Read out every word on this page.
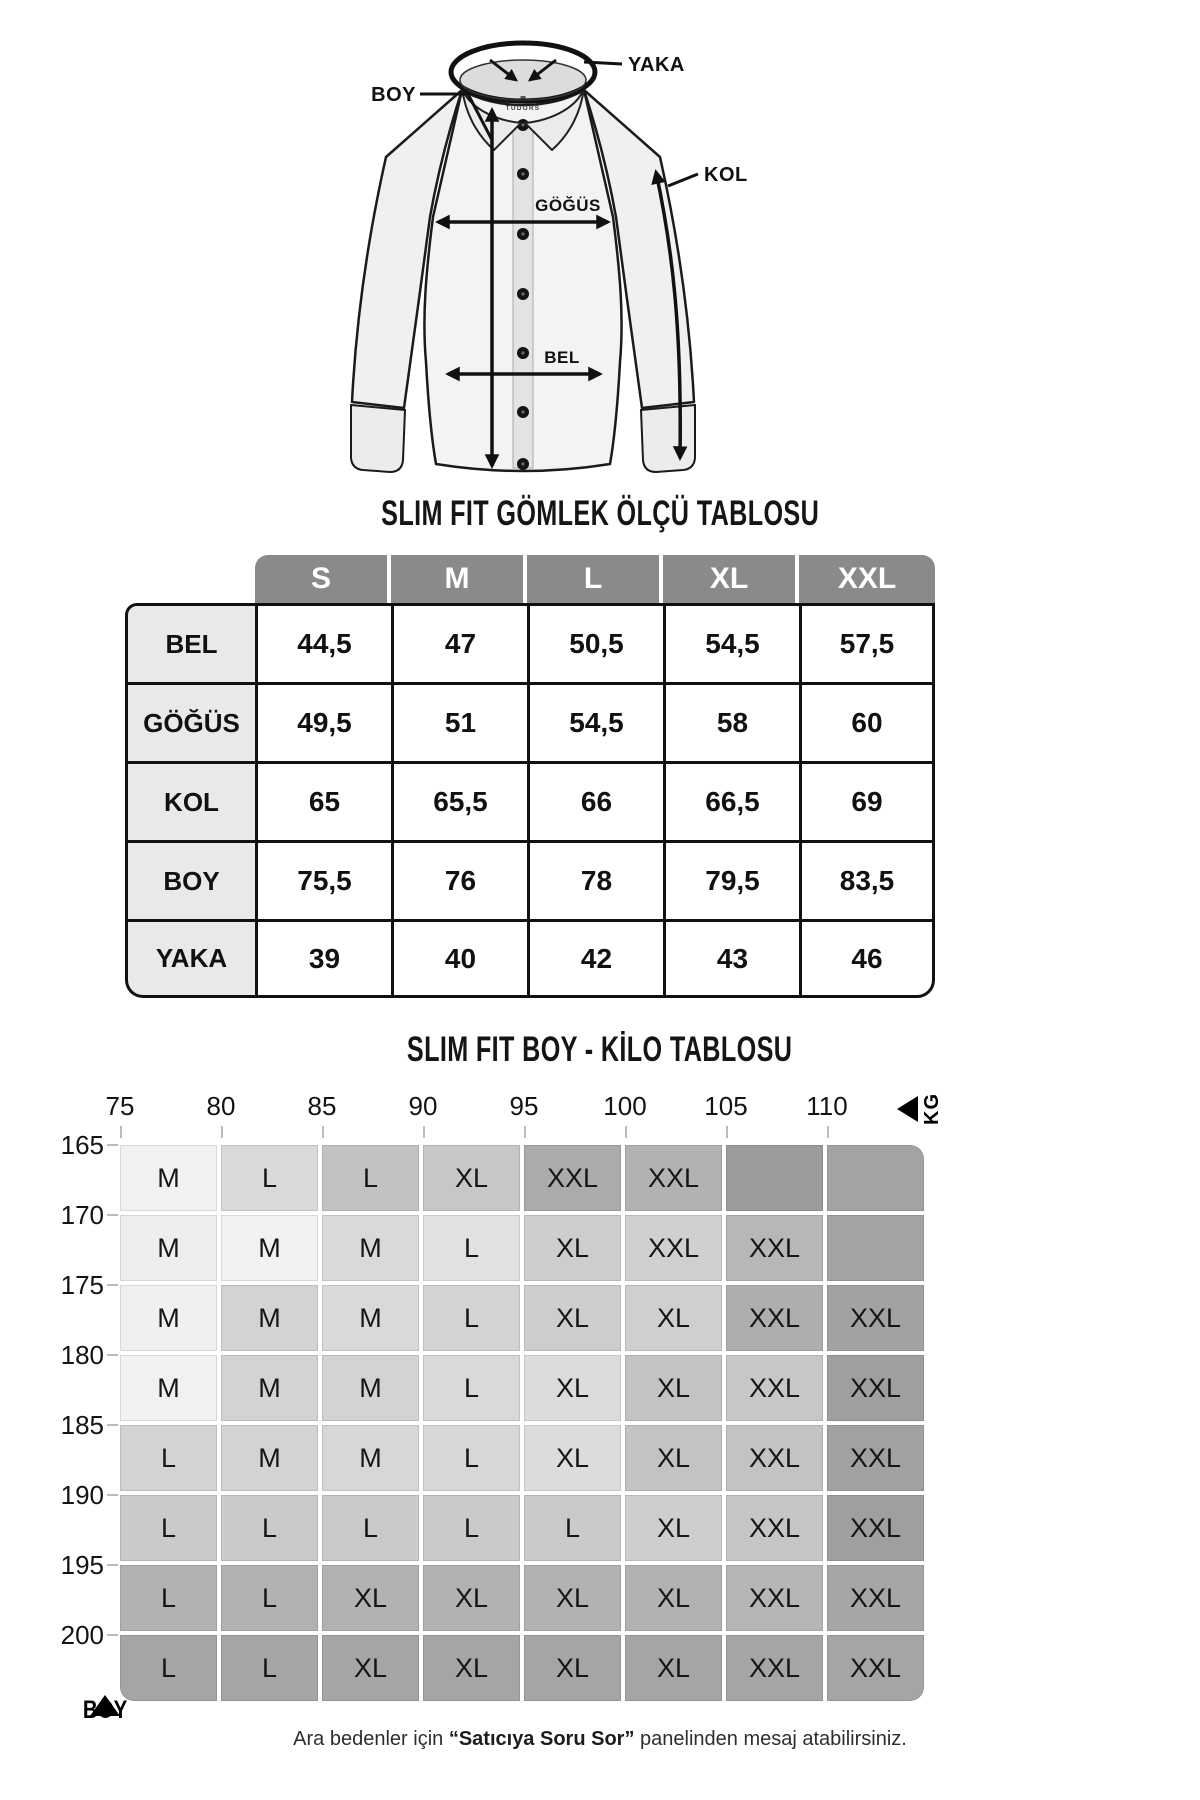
TUDORS
BOY
YAKA
KOL
GÖĞÜS
BEL
SLIM FIT GÖMLEK ÖLÇÜ TABLOSU
S	M	L	XL	XXL
BEL	44,5	47	50,5	54,5	57,5
GÖĞÜS	49,5	51	54,5	58	60
KOL	65	65,5	66	66,5	69
BOY	75,5	76	78	79,5	83,5
YAKA	39	40	42	43	46
SLIM FIT BOY - KİLO TABLOSU
75	80	85	90	95 100 105 110	KG
165
170
175
180
185
190
195
200

BOY
M	L	L	XL	XXL	XXL
M	M	M	L	XL	XXL	XXL
M	M	M	L	XL	XL	XXL	XXL
M	M	M	L	XL	XL	XXL	XXL
L	M	M	L	XL	XL	XXL	XXL
L	L	L	L	L	XL	XXL	XXL
L	L	XL	XL	XL	XL	XXL	XXL
L	L	XL	XL	XL	XL	XXL	XXL
Ara bedenler için “Satıcıya Soru Sor” panelinden mesaj atabilirsiniz.
